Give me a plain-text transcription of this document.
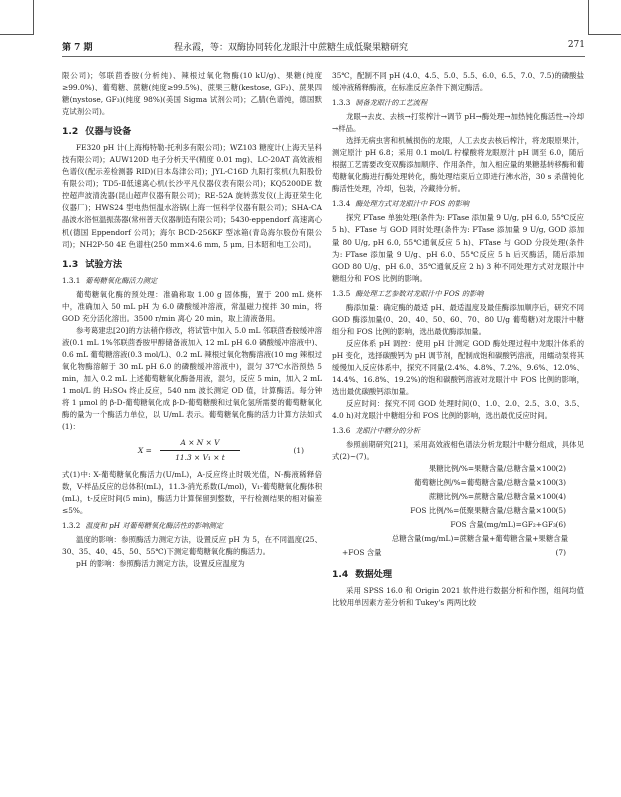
第 7 期	程永霞，等：双酶协同转化龙眼汁中蔗糖生成低聚果糖研究	271

限公司)；邻联茴香胺(分析纯)、辣根过氧化物酶(10 kU/g)、果糖(纯度≥99.0%)、葡萄糖、蔗糖(纯度≥99.5%)、蔗果三糖(kestose, GF₂)、蔗果四糖(nystose, GF₃)(纯度 98%)(美国 Sigma 试剂公司)；乙腈(色谱纯，德国默克试剂公司)。

1.2 仪器与设备

FE320 pH 计(上海梅特勒-托利多有限公司)；WZ103 糖度计(上海天呈科技有限公司)；AUW120D 电子分析天平(精度 0.01 mg)、LC-20AT 高效液相色谱仪(配示差检测器 RID)(日本岛津公司)；JYL-C16D 九阳打浆机(九阳股份有限公司)；TD5-Ⅱ低速离心机(长沙平凡仪器仪表有限公司)；KQ5200DE 数控超声波清洗器(昆山超声仪器有限公司)；RE-52A 旋转蒸发仪(上海亚荣生化仪器厂)；HWS24 型电热恒温水浴锅(上海一恒科学仪器有限公司)；SHA-CA 晶波水浴恒温振荡器(常州普天仪器制造有限公司)；5430-eppendorf 高速离心机(德国 Eppendorf 公司)；海尔 BCD-256KF 型冰箱(青岛海尔股份有限公司)；NH2P-50 4E 色谱柱(250 mm×4.6 mm, 5 μm, 日本昭和电工公司)。

1.3 试验方法
1.3.1 葡萄糖氧化酶活力测定

葡萄糖氧化酶的预处理：准确称取 1.00 g 固体酶，置于 200 mL 烧杯中，准确加入 50 mL pH 为 6.0 磷酸缓冲溶液，常温磁力搅拌 30 min，将 GOD 充分活化溶出。3500 r/min 离心 20 min，取上清液备用。

参考葛建忠[20]的方法稍作修改，将试管中加入 5.0 mL 邻联茴香胺缓冲溶液(0.1 mL 1%邻联茴香胺甲醇储备液加入 12 mL pH 6.0 磷酸缓冲溶液中)、0.6 mL 葡萄糖溶液(0.3 mol/L)、0.2 mL 辣根过氧化物酶溶液(10 mg 辣根过氧化物酶溶解于 30 mL pH 6.0 的磷酸缓冲溶液中)，混匀 37℃水浴预热 5 min，加入 0.2 mL 上述葡萄糖氧化酶备用液，混匀，反应 5 min，加入 2 mL 1 mol/L 的 H₂SO₄ 终止反应，540 nm 波长测定 OD 值，计算酶活。每分钟将 1 μmol 的 β-D-葡萄糖氧化成 β-D-葡萄糖酸和过氧化氢所需要的葡萄糖氧化酶的量为一个酶活力单位，以 U/mL 表示。葡萄糖氧化酶的活力计算方法如式(1)：

$X = \frac{A \times N \times V}{\text{11.3 × V₁ × t}}$	(1)

式(1)中: X-葡萄糖氧化酶活力(U/mL)，A-反应终止时吸光值，N-酶液稀释倍数，V-样品反应的总体积(mL)，11.3-消光系数(L/mol)，V₁-葡萄糖氧化酶体积(mL)，t-反应时间(5 min)，酶活力计算保留到整数，平行检测结果的相对偏差≤5%。

1.3.2 温度和 pH 对葡萄糖氧化酶活性的影响测定

温度的影响：参照酶活力测定方法，设置反应 pH 为 5，在不同温度(25、30、35、40、45、50、55℃)下测定葡萄糖氧化酶的酶活力。

pH 的影响：参照酶活力测定方法，设置反应温度为

35℃，配制不同 pH (4.0、4.5、5.0、5.5、6.0、6.5、7.0、7.5)的磷酸盐缓冲液稀释酶液，在标准反应条件下测定酶活。

1.3.3 制备龙眼汁的工艺流程

龙眼→去皮、去核→打浆榨汁→调节 pH→酶处理→加热钝化酶活性→冷却→样品。

选择无病虫害和机械损伤的龙眼，人工去皮去核后榨汁，将龙眼原果汁，测定原汁 pH 6.8；采用 0.1 mol/L 柠檬酸将龙眼原汁 pH 调至 6.0，随后根据工艺需要改变双酶添加顺序、作用条件，加入相应量的果糖基转移酶和葡萄糖氧化酶进行酶处理转化，酶处理结束后立即进行沸水浴，30 s 杀菌钝化酶活性处理，冷却，包装，冷藏待分析。

1.3.4 酶处理方式对龙眼汁中 FOS 的影响

探究 FTase 单独处理(条件为: FTase 添加量 9 U/g, pH 6.0, 55℃反应 5 h)、FTase 与 GOD 同时处理(条件为: FTase 添加量 9 U/g, GOD 添加量 80 U/g, pH 6.0, 55℃通氧反应 5 h)、FTase 与 GOD 分段处理(条件为: FTase 添加量 9 U/g、pH 6.0、55℃反应 5 h 后灭酶活，随后添加 GOD 80 U/g、pH 6.0、35℃通氧反应 2 h) 3 种不同处理方式对龙眼汁中糖组分和 FOS 比例的影响。

1.3.5 酶处理工艺参数对龙眼汁中 FOS 的影响

酶添加量：确定酶的最适 pH、最适温度及最佳酶添加顺序后，研究不同 GOD 酶添加量(0、20、40、50、60、70、80 U/g 葡萄糖)对龙眼汁中糖组分和 FOS 比例的影响，选出最优酶添加量。

反应体系 pH 调控：使用 pH 计测定 GOD 酶处理过程中龙眼汁体系的 pH 变化，选择碳酸钙为 pH 调节剂，配制成饱和碳酸钙溶液，用蠕动泵将其缓慢加入反应体系中，探究不同量(2.4%、4.8%、7.2%、9.6%、12.0%、14.4%、16.8%、19.2%)的饱和碳酸钙溶液对龙眼汁中 FOS 比例的影响，选出最优碳酸钙添加量。

反应时间：探究不同 GOD 处理时间(0、1.0、2.0、2.5、3.0、3.5、4.0 h)对龙眼汁中糖组分和 FOS 比例的影响，选出最优反应时间。

1.3.6 龙眼汁中糖分的分析

参照前期研究[21]，采用高效液相色谱法分析龙眼汁中糖分组成，具体见式(2)~(7)。

果糖比例/%=果糖含量/总糖含量×100 (2)
葡萄糖比例/%=葡萄糖含量/总糖含量×100 (3)
蔗糖比例/%=蔗糖含量/总糖含量×100 (4)
FOS 比例/%=低聚果糖含量/总糖含量×100 (5)
FOS 含量(mg/mL)=GF₂+GF₃ (6)
总糖含量(mg/mL)=蔗糖含量+葡萄糖含量+果糖含量
+FOS 含量	(7)
1.4 数据处理

采用 SPSS 16.0 和 Origin 2021 软件进行数据分析和作图，组间均值比较用单因素方差分析和 Tukey's 两两比较
